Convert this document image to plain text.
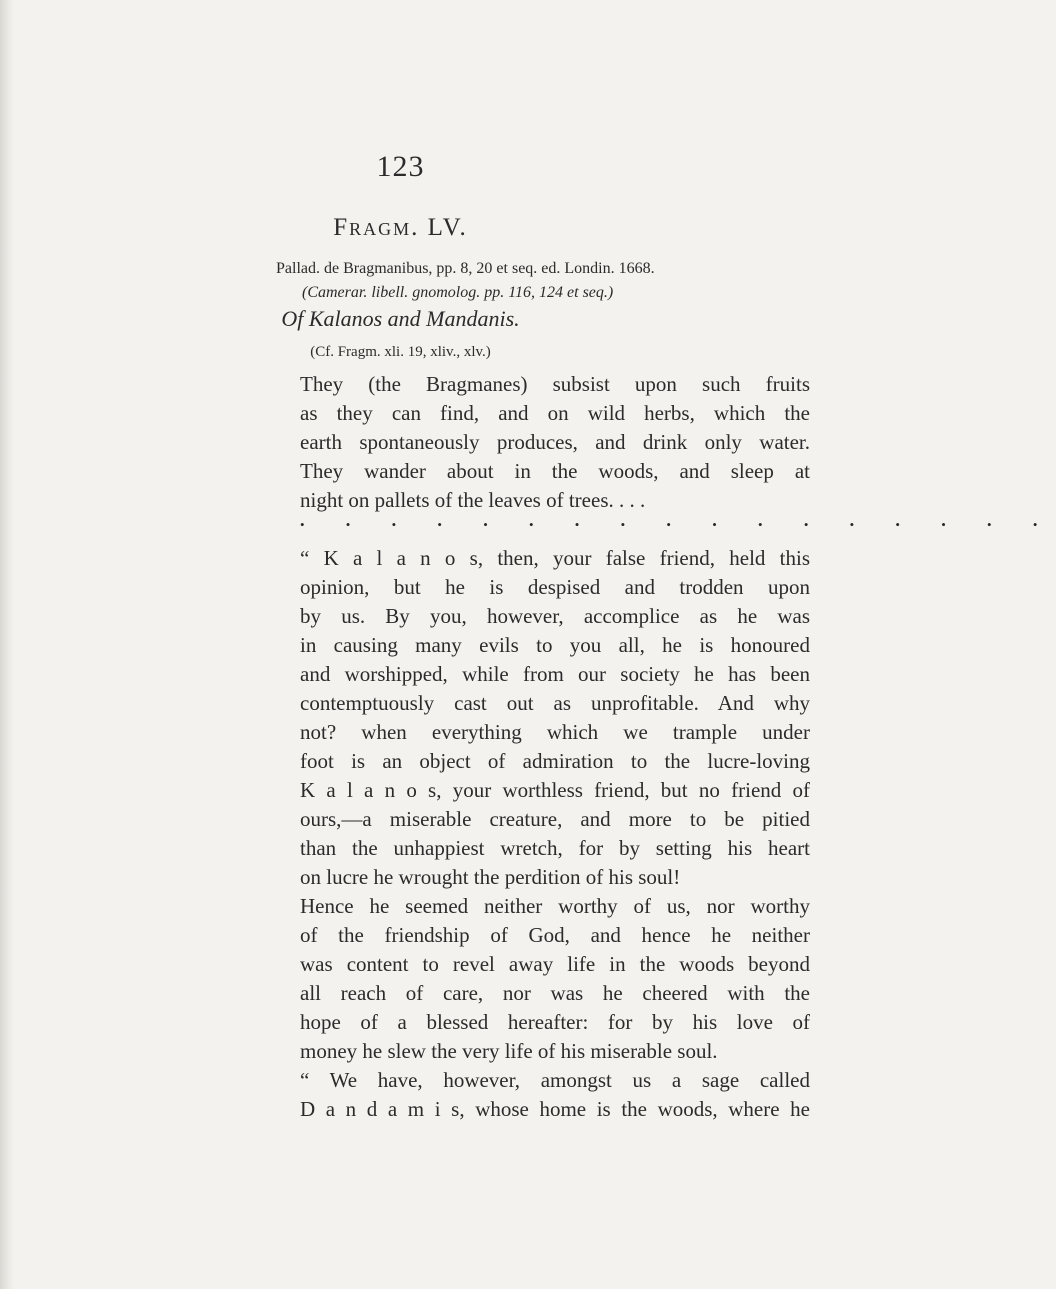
123
Fragm. LV.
Pallad. de Bragmanibus, pp. 8, 20 et seq. ed. Londin. 1668.
(Camerar. libell. gnomolog. pp. 116, 124 et seq.)
Of Kalanos and Mandanis.
(Cf. Fragm. xli. 19, xliv., xlv.)
They (the Bragmanes) subsist upon such fruits
as they can find, and on wild herbs, which the
earth spontaneously produces, and drink only water.
They wander about in the woods, and sleep at
night on pallets of the leaves of trees. . . .
• • • • • • • • • • • • • • • • •
“ K a l a n o s, then, your false friend, held this
opinion, but he is despised and trodden upon
by us. By you, however, accomplice as he was
in causing many evils to you all, he is honoured
and worshipped, while from our society he has been
contemptuously cast out as unprofitable. And why
not? when everything which we trample under
foot is an object of admiration to the lucre-loving
K a l a n o s, your worthless friend, but no friend of
ours,—a miserable creature, and more to be pitied
than the unhappiest wretch, for by setting his heart
on lucre he wrought the perdition of his soul!
Hence he seemed neither worthy of us, nor worthy
of the friendship of God, and hence he neither
was content to revel away life in the woods beyond
all reach of care, nor was he cheered with the
hope of a blessed hereafter: for by his love of
money he slew the very life of his miserable soul.
“ We have, however, amongst us a sage called
D a n d a m i s, whose home is the woods, where he
